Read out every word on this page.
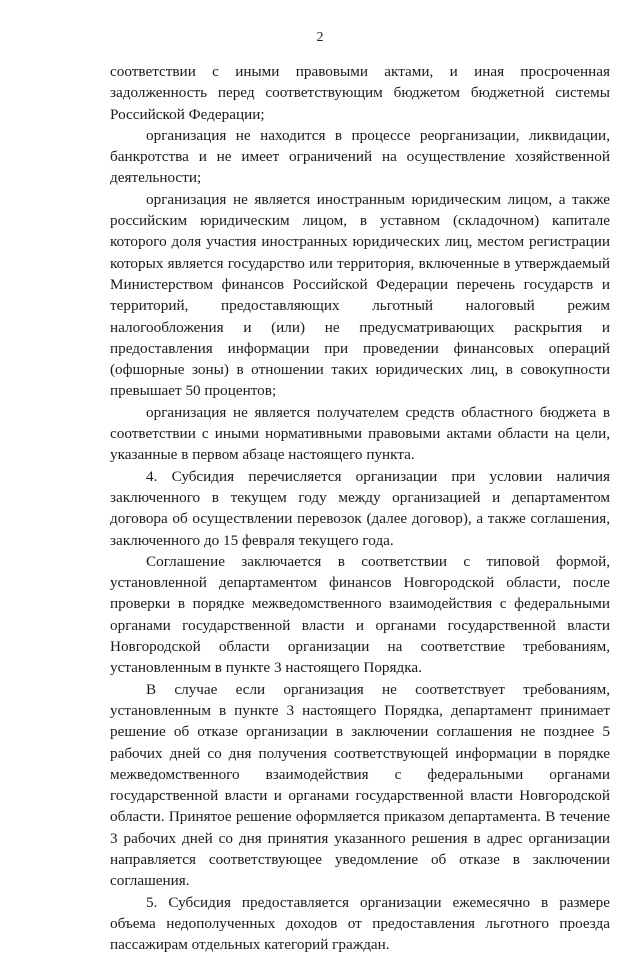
2

соответствии с иными правовыми актами, и иная просроченная задолженность перед соответствующим бюджетом бюджетной системы Российской Федерации;

организация не находится в процессе реорганизации, ликвидации, банкротства и не имеет ограничений на осуществление хозяйственной деятельности;

организация не является иностранным юридическим лицом, а также российским юридическим лицом, в уставном (складочном) капитале которого доля участия иностранных юридических лиц, местом регистрации которых является государство или территория, включенные в утверждаемый Министерством финансов Российской Федерации перечень государств и территорий, предоставляющих льготный налоговый режим налогообложения и (или) не предусматривающих раскрытия и предоставления информации при проведении финансовых операций (офшорные зоны) в отношении таких юридических лиц, в совокупности превышает 50 процентов;

организация не является получателем средств областного бюджета в соответствии с иными нормативными правовыми актами области на цели, указанные в первом абзаце настоящего пункта.

4. Субсидия перечисляется организации при условии наличия заключенного в текущем году между организацией и департаментом договора об осуществлении перевозок (далее договор), а также соглашения, заключенного до 15 февраля текущего года.

Соглашение заключается в соответствии с типовой формой, установленной департаментом финансов Новгородской области, после проверки в порядке межведомственного взаимодействия с федеральными органами государственной власти и органами государственной власти Новгородской области организации на соответствие требованиям, установленным в пункте 3 настоящего Порядка.

В случае если организация не соответствует требованиям, установленным в пункте 3 настоящего Порядка, департамент принимает решение об отказе организации в заключении соглашения не позднее 5 рабочих дней со дня получения соответствующей информации в порядке межведомственного взаимодействия с федеральными органами государственной власти и органами государственной власти Новгородской области. Принятое решение оформляется приказом департамента. В течение 3 рабочих дней со дня принятия указанного решения в адрес организации направляется соответствующее уведомление об отказе в заключении соглашения.

5. Субсидия предоставляется организации ежемесячно в размере объема недополученных доходов от предоставления льготного проезда пассажирам отдельных категорий граждан.
